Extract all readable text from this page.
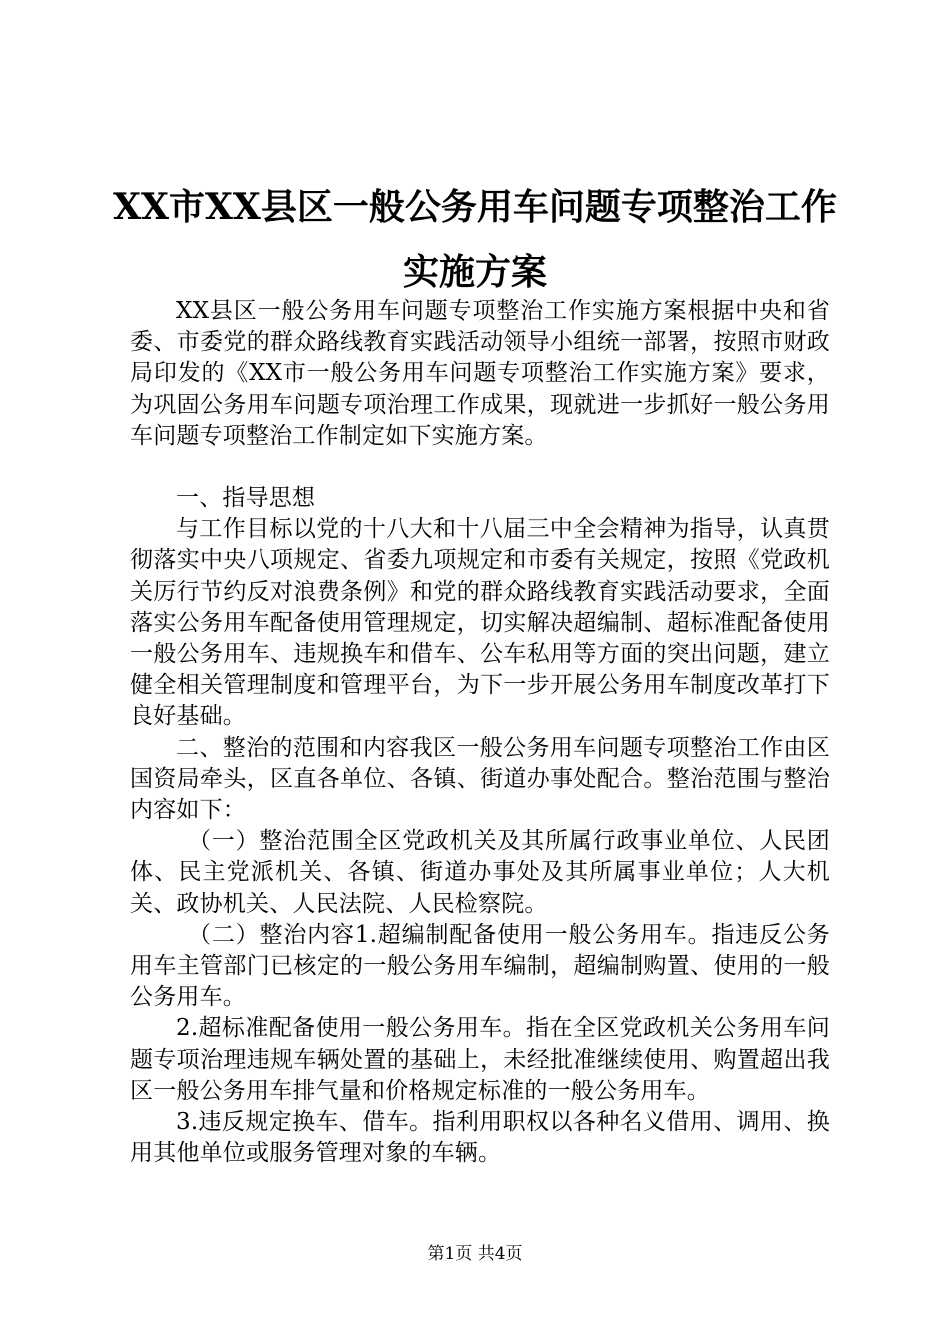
XX市XX县区一般公务用车问题专项整治工作
实施方案

XX县区一般公务用车问题专项整治工作实施方案根据中央和省委、市委党的群众路线教育实践活动领导小组统一部署，按照市财政局印发的《XX市一般公务用车问题专项整治工作实施方案》要求，为巩固公务用车问题专项治理工作成果，现就进一步抓好一般公务用车问题专项整治工作制定如下实施方案。

一、指导思想

与工作目标以党的十八大和十八届三中全会精神为指导，认真贯彻落实中央八项规定、省委九项规定和市委有关规定，按照《党政机关厉行节约反对浪费条例》和党的群众路线教育实践活动要求，全面落实公务用车配备使用管理规定，切实解决超编制、超标准配备使用一般公务用车、违规换车和借车、公车私用等方面的突出问题，建立健全相关管理制度和管理平台，为下一步开展公务用车制度改革打下良好基础。

二、整治的范围和内容我区一般公务用车问题专项整治工作由区国资局牵头，区直各单位、各镇、街道办事处配合。整治范围与整治内容如下：

（一）整治范围全区党政机关及其所属行政事业单位、人民团体、民主党派机关、各镇、街道办事处及其所属事业单位；人大机关、政协机关、人民法院、人民检察院。

（二）整治内容1.超编制配备使用一般公务用车。指违反公务用车主管部门已核定的一般公务用车编制，超编制购置、使用的一般公务用车。

2.超标准配备使用一般公务用车。指在全区党政机关公务用车问题专项治理违规车辆处置的基础上，未经批准继续使用、购置超出我区一般公务用车排气量和价格规定标准的一般公务用车。

3.违反规定换车、借车。指利用职权以各种名义借用、调用、换用其他单位或服务管理对象的车辆。

第1页 共4页
